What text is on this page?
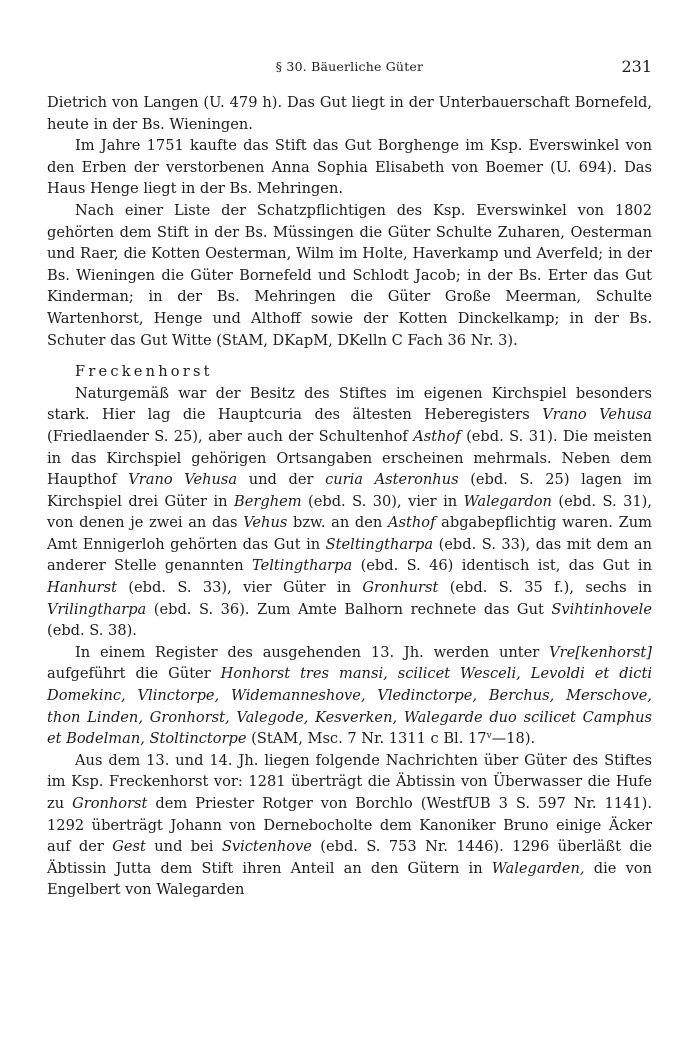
§ 30. Bäuerliche Güter	231

Dietrich von Langen (U. 479 h). Das Gut liegt in der Unterbauerschaft Bornefeld, heute in der Bs. Wieningen.

Im Jahre 1751 kaufte das Stift das Gut Borghenge im Ksp. Everswinkel von den Erben der verstorbenen Anna Sophia Elisabeth von Boemer (U. 694). Das Haus Henge liegt in der Bs. Mehringen.

Nach einer Liste der Schatzpflichtigen des Ksp. Everswinkel von 1802 gehörten dem Stift in der Bs. Müssingen die Güter Schulte Zuharen, Oesterman und Raer, die Kotten Oesterman, Wilm im Holte, Haverkamp und Averfeld; in der Bs. Wieningen die Güter Bornefeld und Schlodt Jacob; in der Bs. Erter das Gut Kinderman; in der Bs. Mehringen die Güter Große Meerman, Schulte Wartenhorst, Henge und Althoff sowie der Kotten Dinckelkamp; in der Bs. Schuter das Gut Witte (StAM, DKapM, DKelln C Fach 36 Nr. 3).

Freckenhorst

Naturgemäß war der Besitz des Stiftes im eigenen Kirchspiel besonders stark. Hier lag die Hauptcuria des ältesten Heberegisters Vrano Vehusa (Friedlaender S. 25), aber auch der Schultenhof Asthof (ebd. S. 31). Die meisten in das Kirchspiel gehörigen Ortsangaben erscheinen mehrmals. Neben dem Haupthof Vrano Vehusa und der curia Asteronhus (ebd. S. 25) lagen im Kirchspiel drei Güter in Berghem (ebd. S. 30), vier in Walegardon (ebd. S. 31), von denen je zwei an das Vehus bzw. an den Asthof abgabepflichtig waren. Zum Amt Ennigerloh gehörten das Gut in Steltingtharpa (ebd. S. 33), das mit dem an anderer Stelle genannten Teltingtharpa (ebd. S. 46) identisch ist, das Gut in Hanhurst (ebd. S. 33), vier Güter in Gronhurst (ebd. S. 35 f.), sechs in Vrilingtharpa (ebd. S. 36). Zum Amte Balhorn rechnete das Gut Svihtinhovele (ebd. S. 38).

In einem Register des ausgehenden 13. Jh. werden unter Vre[kenhorst] aufgeführt die Güter Honhorst tres mansi, scilicet Wesceli, Levoldi et dicti Domekinc, Vlinctorpe, Widemanneshove, Vledinctorpe, Berchus, Merschove, thon Linden, Gronhorst, Valegode, Kesverken, Walegarde duo scilicet Camphus et Bodelman, Stoltinctorpe (StAM, Msc. 7 Nr. 1311 c Bl. 17$^v$—18).

Aus dem 13. und 14. Jh. liegen folgende Nachrichten über Güter des Stiftes im Ksp. Freckenhorst vor: 1281 überträgt die Äbtissin von Überwasser die Hufe zu Gronhorst dem Priester Rotger von Borchlo (WestfUB 3 S. 597 Nr. 1141). 1292 überträgt Johann von Dernebocholte dem Kanoniker Bruno einige Äcker auf der Gest und bei Svictenhove (ebd. S. 753 Nr. 1446). 1296 überläßt die Äbtissin Jutta dem Stift ihren Anteil an den Gütern in Walegarden, die von Engelbert von Walegarden
